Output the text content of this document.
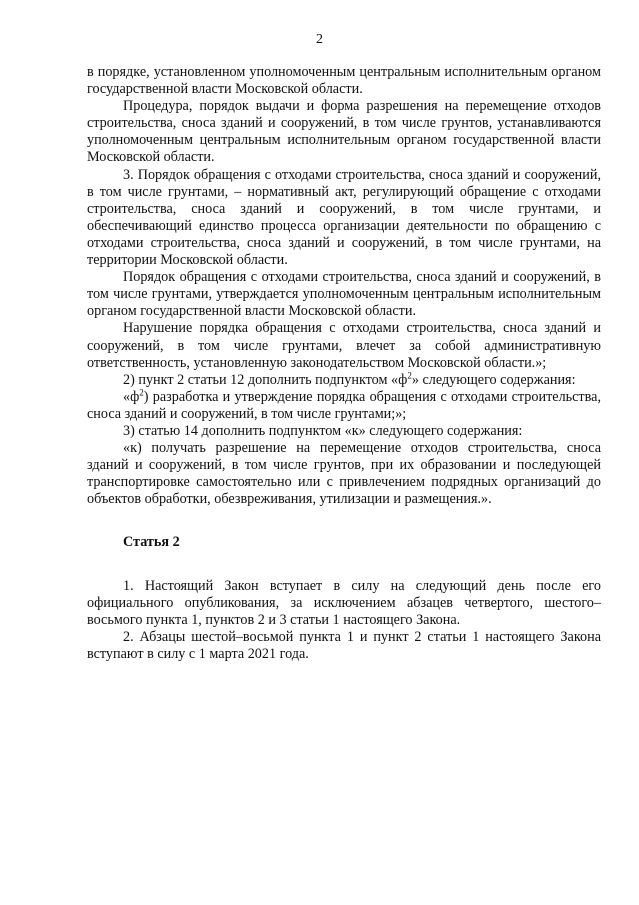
2

в порядке, установленном уполномоченным центральным исполнительным органом государственной власти Московской области.

Процедура, порядок выдачи и форма разрешения на перемещение отходов строительства, сноса зданий и сооружений, в том числе грунтов, устанавливаются уполномоченным центральным исполнительным органом государственной власти Московской области.

3. Порядок обращения с отходами строительства, сноса зданий и сооружений, в том числе грунтами, – нормативный акт, регулирующий обращение с отходами строительства, сноса зданий и сооружений, в том числе грунтами, и обеспечивающий единство процесса организации деятельности по обращению с отходами строительства, сноса зданий и сооружений, в том числе грунтами, на территории Московской области.

Порядок обращения с отходами строительства, сноса зданий и сооружений, в том числе грунтами, утверждается уполномоченным центральным исполнительным органом государственной власти Московской области.

Нарушение порядка обращения с отходами строительства, сноса зданий и сооружений, в том числе грунтами, влечет за собой административную ответственность, установленную законодательством Московской области.»;

2) пункт 2 статьи 12 дополнить подпунктом «$ф^2$» следующего содержания:

«$ф^2$) разработка и утверждение порядка обращения с отходами строительства, сноса зданий и сооружений, в том числе грунтами;»;

3) статью 14 дополнить подпунктом «к» следующего содержания:

«к) получать разрешение на перемещение отходов строительства, сноса зданий и сооружений, в том числе грунтов, при их образовании и последующей транспортировке самостоятельно или с привлечением подрядных организаций до объектов обработки, обезвреживания, утилизации и размещения.».

Статья 2

1. Настоящий Закон вступает в силу на следующий день после его официального опубликования, за исключением абзацев четвертого, шестого–восьмого пункта 1, пунктов 2 и 3 статьи 1 настоящего Закона.

2. Абзацы шестой–восьмой пункта 1 и пункт 2 статьи 1 настоящего Закона вступают в силу с 1 марта 2021 года.
